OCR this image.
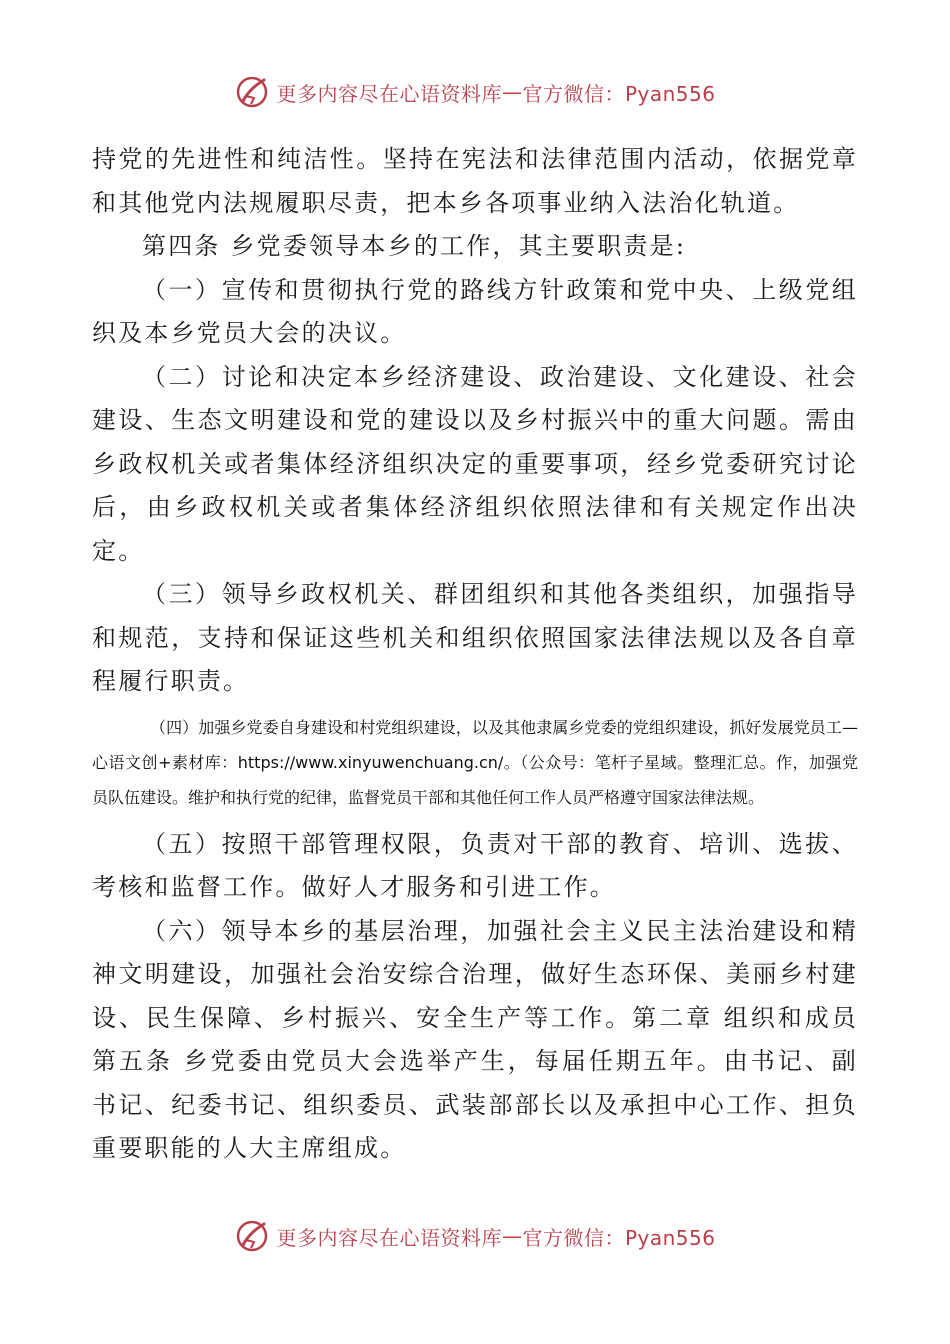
更多内容尽在心语资料库 — 官方微信：Pyan556

持党的先进性和纯洁性。坚持在宪法和法律范围内活动，依据党章和其他党内法规履职尽责，把本乡各项事业纳入法治化轨道。

第四条 乡党委领导本乡的工作，其主要职责是:

（一）宣传和贯彻执行党的路线方针政策和党中央、上级党组织及本乡党员大会的决议。

（二）讨论和决定本乡经济建设、政治建设、文化建设、社会建设、生态文明建设和党的建设以及乡村振兴中的重大问题。需由乡政权机关或者集体经济组织决定的重要事项，经乡党委研究讨论后，由乡政权机关或者集体经济组织依照法律和有关规定作出决定。

（三）领导乡政权机关、群团组织和其他各类组织，加强指导和规范，支持和保证这些机关和组织依照国家法律法规以及各自章程履行职责。

（四）加强乡党委自身建设和村党组织建设，以及其他隶属乡党委的党组织建设，抓好发展党员工—心语文创+素材库：https://www.xinyuwenchuang.cn/。（公众号：笔杆子星域。整理汇总。作，加强党员队伍建设。维护和执行党的纪律，监督党员干部和其他任何工作人员严格遵守国家法律法规。

（五）按照干部管理权限，负责对干部的教育、培训、选拔、考核和监督工作。做好人才服务和引进工作。

（六）领导本乡的基层治理，加强社会主义民主法治建设和精神文明建设，加强社会治安综合治理，做好生态环保、美丽乡村建设、民生保障、乡村振兴、安全生产等工作。第二章 组织和成员第五条 乡党委由党员大会选举产生，每届任期五年。由书记、副书记、纪委书记、组织委员、武装部部长以及承担中心工作、担负重要职能的人大主席组成。

更多内容尽在心语资料库 — 官方微信：Pyan556
